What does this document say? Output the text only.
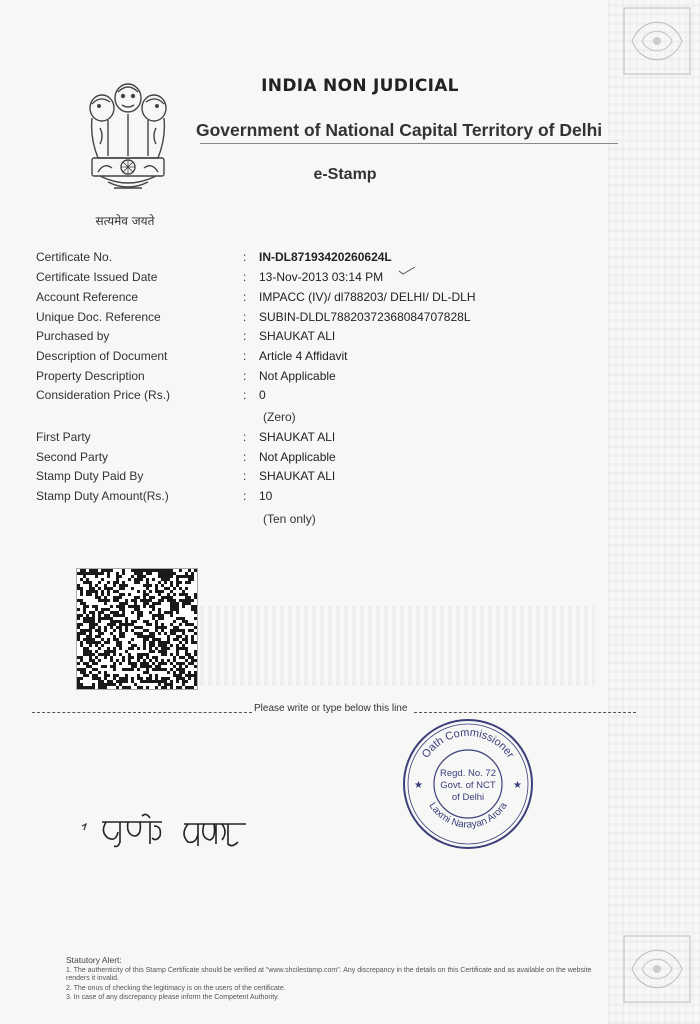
सत्यमेव जयते
INDIA NON JUDICIAL
Government of National Capital Territory of Delhi
e-Stamp
Certificate No.	: IN-DL87193420260624L
Certificate Issued Date	: 13-Nov-2013 03:14 PM
Account Reference	: IMPACC (IV)/ dl788203/ DELHI/ DL-DLH
Unique Doc. Reference	: SUBIN-DLDL78820372368084707828L
Purchased by	: SHAUKAT ALI
Description of Document	: Article 4 Affidavit
Property Description	: Not Applicable
Consideration Price (Rs.)	: 0
(Zero)
First Party	: SHAUKAT ALI
Second Party	: Not Applicable
Stamp Duty Paid By	: SHAUKAT ALI
Stamp Duty Amount(Rs.)	: 10
(Ten only)
Please write or type below this line
Oath Commissioner
Laxmi Narayan Arora
★	★
Regd. No. 72
Govt. of NCT
of Delhi
Statutory Alert:
1. The authenticity of this Stamp Certificate should be verified at "www.shcilestamp.com". Any discrepancy in the details on this Certificate and as available on the website renders it invalid.
2. The onus of checking the legitimacy is on the users of the certificate.
3. In case of any discrepancy please inform the Competent Authority.
